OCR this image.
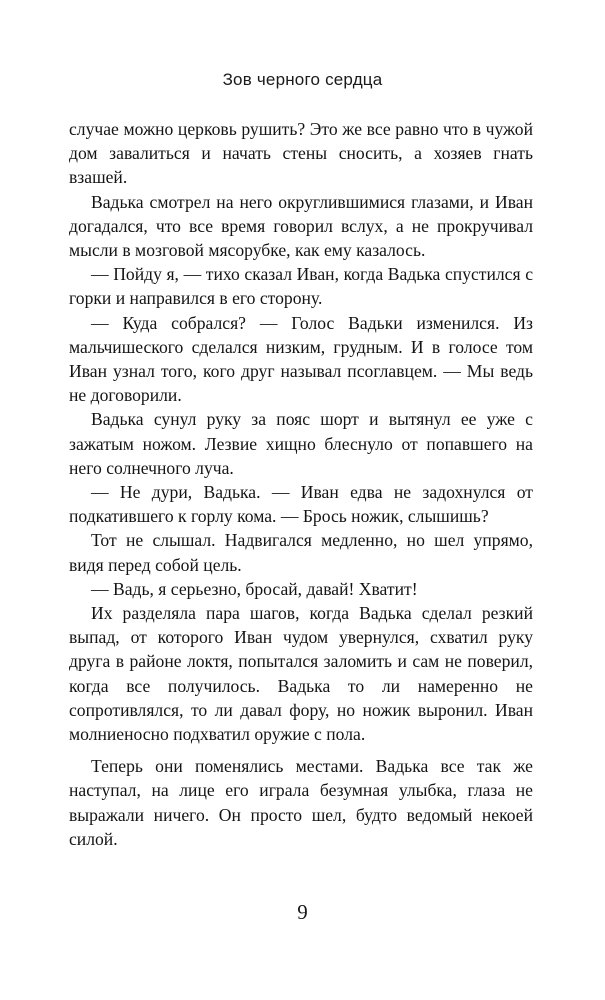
Зов черного сердца

случае можно церковь рушить? Это же все равно что в чужой дом завалиться и начать стены сносить, а хозяев гнать взашей.

Вадька смотрел на него округлившимися глазами, и Иван догадался, что все время говорил вслух, а не прокручивал мысли в мозговой мясорубке, как ему казалось.

— Пойду я, — тихо сказал Иван, когда Вадька спустился с горки и направился в его сторону.

— Куда собрался? — Голос Вадьки изменился. Из мальчишеского сделался низким, грудным. И в голосе том Иван узнал того, кого друг называл псоглавцем. — Мы ведь не договорили.

Вадька сунул руку за пояс шорт и вытянул ее уже с зажатым ножом. Лезвие хищно блеснуло от попавшего на него солнечного луча.

— Не дури, Вадька. — Иван едва не задохнулся от подкатившего к горлу кома. — Брось ножик, слышишь?

Тот не слышал. Надвигался медленно, но шел упрямо, видя перед собой цель.

— Вадь, я серьезно, бросай, давай! Хватит!

Их разделяла пара шагов, когда Вадька сделал резкий выпад, от которого Иван чудом увернулся, схватил руку друга в районе локтя, попытался заломить и сам не поверил, когда все получилось. Вадька то ли намеренно не сопротивлялся, то ли давал фору, но ножик выронил. Иван молниеносно подхватил оружие с пола.

Теперь они поменялись местами. Вадька все так же наступал, на лице его играла безумная улыбка, глаза не выражали ничего. Он просто шел, будто ведомый некоей силой.

9
